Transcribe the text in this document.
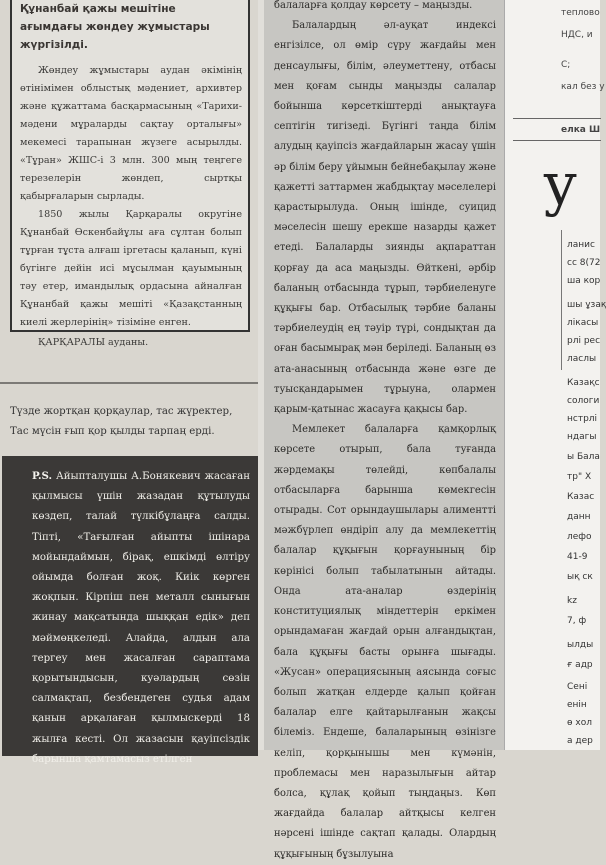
Құнанбай қажы мешітіне ағымдағы жөндеу жұмыстары жүргізілді.

Жөндеу жұмыстары аудан әкімінің өтінімімен облыстық мәдениет, архивтер және құжаттама басқармасының «Тарихи-мәдени мұраларды сақтау орталығы» мекемесі тарапынан жүзеге асырылды. «Тұран» ЖШС-і 3 млн. 300 мың теңгеге терезелерін жөндеп, сыртқы қабырғаларын сырлады.

1850 жылы Қарқаралы округіне Құнанбай Өскенбайұлы аға сұлтан болып тұрған тұста алғаш іргетасы қаланып, күні бүгінге дейін исі мұсылман қауымының тәу етер, имандылық ордасына айналған Құнанбай қажы мешіті «Қазақстанның киелі жерлерінің» тізіміне енген.

ҚАРҚАРАЛЫ ауданы.

Түзде жортқан қорқаулар, тас жүректер,
Тас мүсін ғып қор қылды тарпаң ерді.

P.S. Айыпталушы А.Бонякевич жасаған қылмысы үшін жазадан құтылуды көздеп, талай түлкібұлаңға салды. Тіпті, «Тағылған айыпты ішінара мойындаймын, бірақ, ешкімді өлтіру ойымда болған жоқ. Киік көрген жоқпын. Кірпіш пен металл сынығын жинау мақсатында шыққан едік» деп мәймөңкеледі. Алайда, алдын ала тергеу мен жасалған сараптама қорытындысын, куәлардың сөзін салмақтап, безбендеген судья адам қанын арқалаған қылмыскерді 18 жылға кесті. Ол жазасын қауіпсіздік барынша қамтамасыз етілген

балаларға қолдау көрсету – маңызды.

Балалардың әл-ауқат индексі енгізілсе, ол өмір сүру жағдайы мен денсаулығы, білім, әлеуметтену, отбасы мен қоғам сынды маңызды салалар бойынша көрсеткіштерді анықтауға септігін тигізеді. Бүгінгі таңда білім алудың қауіпсіз жағдайларын жасау үшін әр білім беру ұйымын бейнебақылау және қажетті заттармен жабдықтау мәселелері қарастырылуда. Оның ішінде, суицид мәселесін шешу ерекше назарды қажет етеді. Балаларды зиянды ақпараттан қорғау да аса маңызды. Өйткені, әрбір баланың отбасында тұрып, тәрбиеленуге құқығы бар. Отбасылық тәрбие баланы тәрбиелеудің ең тәуір түрі, сондықтан да оған басымырақ мән беріледі. Баланың өз ата-анасының отбасында және өзге де туысқандарымен тұрыуна, олармен қарым-қатынас жасауға қақысы бар.

Мемлекет балаларға қамқорлық көрсете отырып, бала туғанда жәрдемақы төлейді, көпбалалы отбасыларға барынша көмекгесін отырады. Сот орындаушылары алиментті мәжбүрлеп өндіріп алу да мемлекеттің балалар құқығын қорғаунының бір көрінісі болып табылатынын айтады. Онда ата-аналар өздерінің конституциялық міндеттерін еркімен орындамаған жағдай орын алғандықтан, бала құқығы басты орынға шығады. «Жусан» операциясының аясында соғыс болып жатқан елдерде қалып қойған балалар елге қайтарылғанын жақсы білеміз. Ендеше, балаларының өзінізге келіп, қорқынышы мен күмәнін, проблемасы мен наразылығын айтар болса, құлақ қойып тыңдаңыз. Көп жағдайда балалар айтқысы келген нәрсені ішінде сақтап қалады. Олардың құқығының бұзылуына

теплово
НДС, и
С;
кал без у
елка Ш
у
ланис
сс 8(72
ша кор
шы ұзақ
лікасы
рлі рес
ласлы
Казақс
сологи
нстрлі
ндагы
ы Бала
тр" Х
Казас
данн
лефо
41-9
ық ск
kz
7, ф
ылды
ғ адр
Сені
енін
ө хол
а дер
